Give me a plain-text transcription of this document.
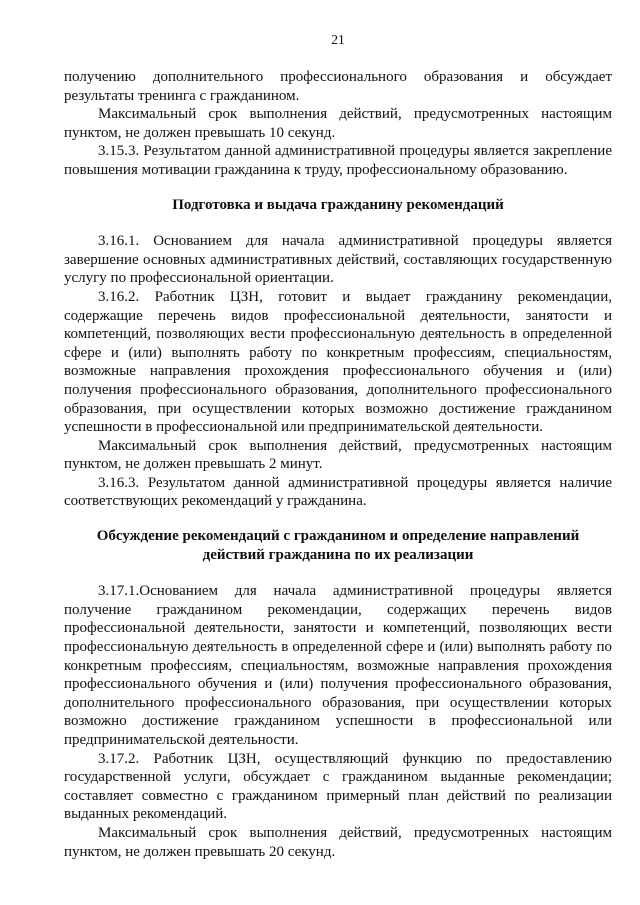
21

получению дополнительного профессионального образования и обсуждает результаты тренинга с гражданином.

Максимальный срок выполнения действий, предусмотренных настоящим пунктом, не должен превышать 10 секунд.

3.15.3. Результатом данной административной процедуры является закрепление повышения мотивации гражданина к труду, профессиональному образованию.

Подготовка и выдача гражданину рекомендаций

3.16.1. Основанием для начала административной процедуры является завершение основных административных действий, составляющих государственную услугу по профессиональной ориентации.

3.16.2. Работник ЦЗН, готовит и выдает гражданину рекомендации, содержащие перечень видов профессиональной деятельности, занятости и компетенций, позволяющих вести профессиональную деятельность в определенной сфере и (или) выполнять работу по конкретным профессиям, специальностям, возможные направления прохождения профессионального обучения и (или) получения профессионального образования, дополнительного профессионального образования, при осуществлении которых возможно достижение гражданином успешности в профессиональной или предпринимательской деятельности.

Максимальный срок выполнения действий, предусмотренных настоящим пунктом, не должен превышать 2 минут.

3.16.3. Результатом данной административной процедуры является наличие соответствующих рекомендаций у гражданина.

Обсуждение рекомендаций с гражданином и определение направлений
действий гражданина по их реализации

3.17.1.Основанием для начала административной процедуры является получение гражданином рекомендации, содержащих перечень видов профессиональной деятельности, занятости и компетенций, позволяющих вести профессиональную деятельность в определенной сфере и (или) выполнять работу по конкретным профессиям, специальностям, возможные направления прохождения профессионального обучения и (или) получения профессионального образования, дополнительного профессионального образования, при осуществлении которых возможно достижение гражданином успешности в профессиональной или предпринимательской деятельности.

3.17.2. Работник ЦЗН, осуществляющий функцию по предоставлению государственной услуги, обсуждает с гражданином выданные рекомендации; составляет совместно с гражданином примерный план действий по реализации выданных рекомендаций.

Максимальный срок выполнения действий, предусмотренных настоящим пунктом, не должен превышать 20 секунд.
